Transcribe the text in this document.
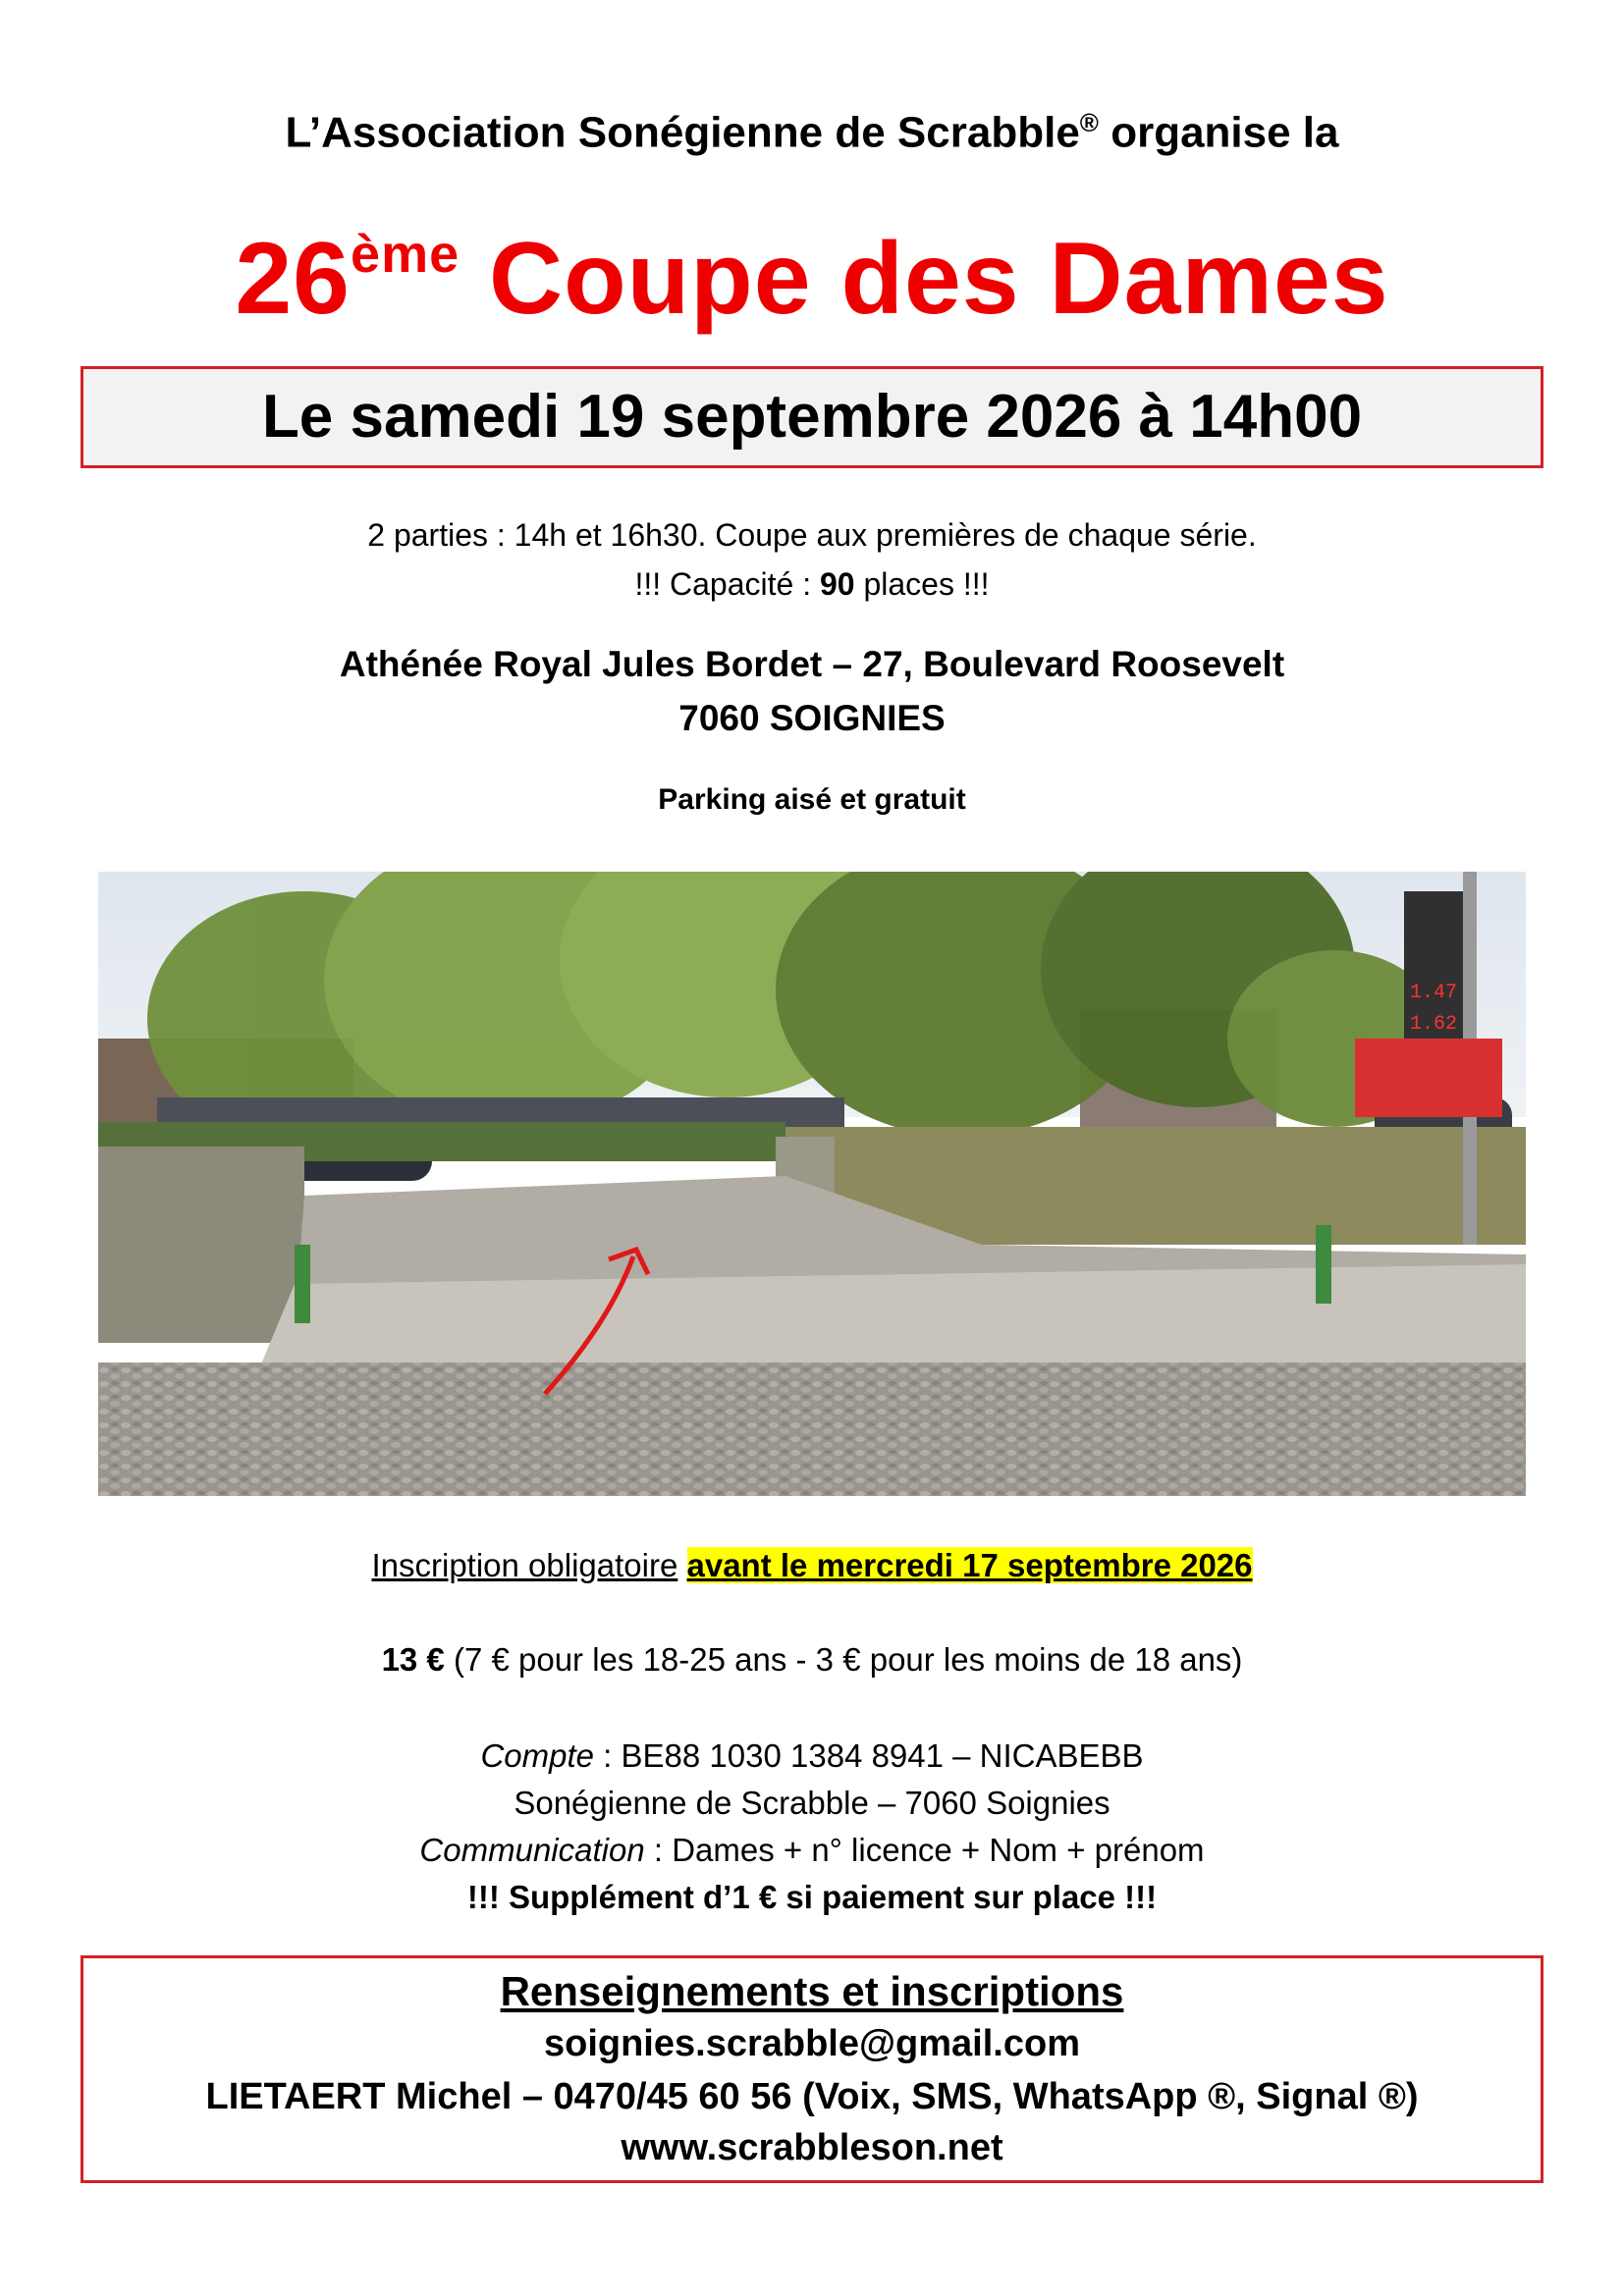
L’Association Sonégienne de Scrabble® organise la
26ème Coupe des Dames
Le samedi 19 septembre 2026 à 14h00
2 parties : 14h et 16h30. Coupe aux premières de chaque série.
!!! Capacité : 90 places !!!
Athénée Royal Jules Bordet – 27, Boulevard Roosevelt
7060 SOIGNIES
Parking aisé et gratuit
1.47
1.62
Inscription obligatoire avant le mercredi 17 septembre 2026
13 € (7 € pour les 18-25 ans - 3 € pour les moins de 18 ans)
Compte : BE88 1030 1384 8941 – NICABEBB
Sonégienne de Scrabble – 7060 Soignies
Communication : Dames + n° licence + Nom + prénom
!!! Supplément d’1 € si paiement sur place !!!
Renseignements et inscriptions
soignies.scrabble@gmail.com
LIETAERT Michel – 0470/45 60 56 (Voix, SMS, WhatsApp ®, Signal ®)
www.scrabbleson.net
